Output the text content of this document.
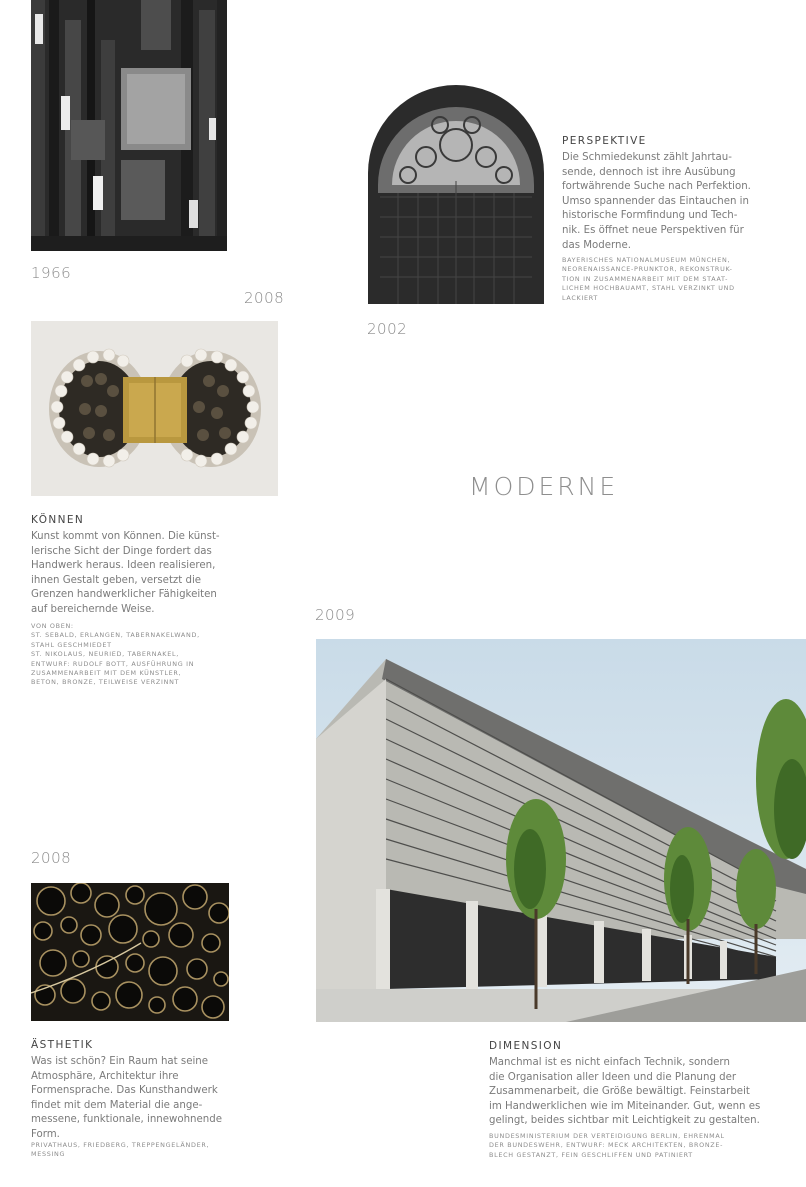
1966
2008
2002
PERSPEKTIVE
Die Schmiedekunst zählt Jahrtau-
sende, dennoch ist ihre Ausübung
fortwährende Suche nach Perfektion.
Umso spannender das Eintauchen in
historische Formfindung und Tech-
nik. Es öffnet neue Perspektiven für
das Moderne.
BAYERISCHES NATIONALMUSEUM MÜNCHEN,
NEORENAISSANCE-PRUNKTOR, REKONSTRUK-
TION IN ZUSAMMENARBEIT MIT DEM STAAT-
LICHEM HOCHBAUAMT, STAHL VERZINKT UND
LACKIERT
MODERNE
KÖNNEN
Kunst kommt von Können. Die künst-
lerische Sicht der Dinge fordert das
Handwerk heraus. Ideen realisieren,
ihnen Gestalt geben, versetzt die
Grenzen handwerklicher Fähigkeiten
auf bereichernde Weise.
VON OBEN:
ST. SEBALD, ERLANGEN, TABERNAKELWAND,
STAHL GESCHMIEDET
ST. NIKOLAUS, NEURIED, TABERNAKEL,
ENTWURF: RUDOLF BOTT, AUSFÜHRUNG IN
ZUSAMMENARBEIT MIT DEM KÜNSTLER,
BETON, BRONZE, TEILWEISE VERZINNT
2009
2008
ÄSTHETIK
Was ist schön? Ein Raum hat seine
Atmosphäre, Architektur ihre
Formensprache. Das Kunsthandwerk
findet mit dem Material die ange-
messene, funktionale, innewohnende
Form.
PRIVATHAUS, FRIEDBERG, TREPPENGELÄNDER,
MESSING
DIMENSION
Manchmal ist es nicht einfach Technik, sondern
die Organisation aller Ideen und die Planung der
Zusammenarbeit, die Größe bewältigt. Feinstarbeit
im Handwerklichen wie im Miteinander. Gut, wenn es
gelingt, beides sichtbar mit Leichtigkeit zu gestalten.
BUNDESMINISTERIUM DER VERTEIDIGUNG BERLIN, EHRENMAL
DER BUNDESWEHR, ENTWURF: MECK ARCHITEKTEN, BRONZE-
BLECH GESTANZT, FEIN GESCHLIFFEN UND PATINIERT
